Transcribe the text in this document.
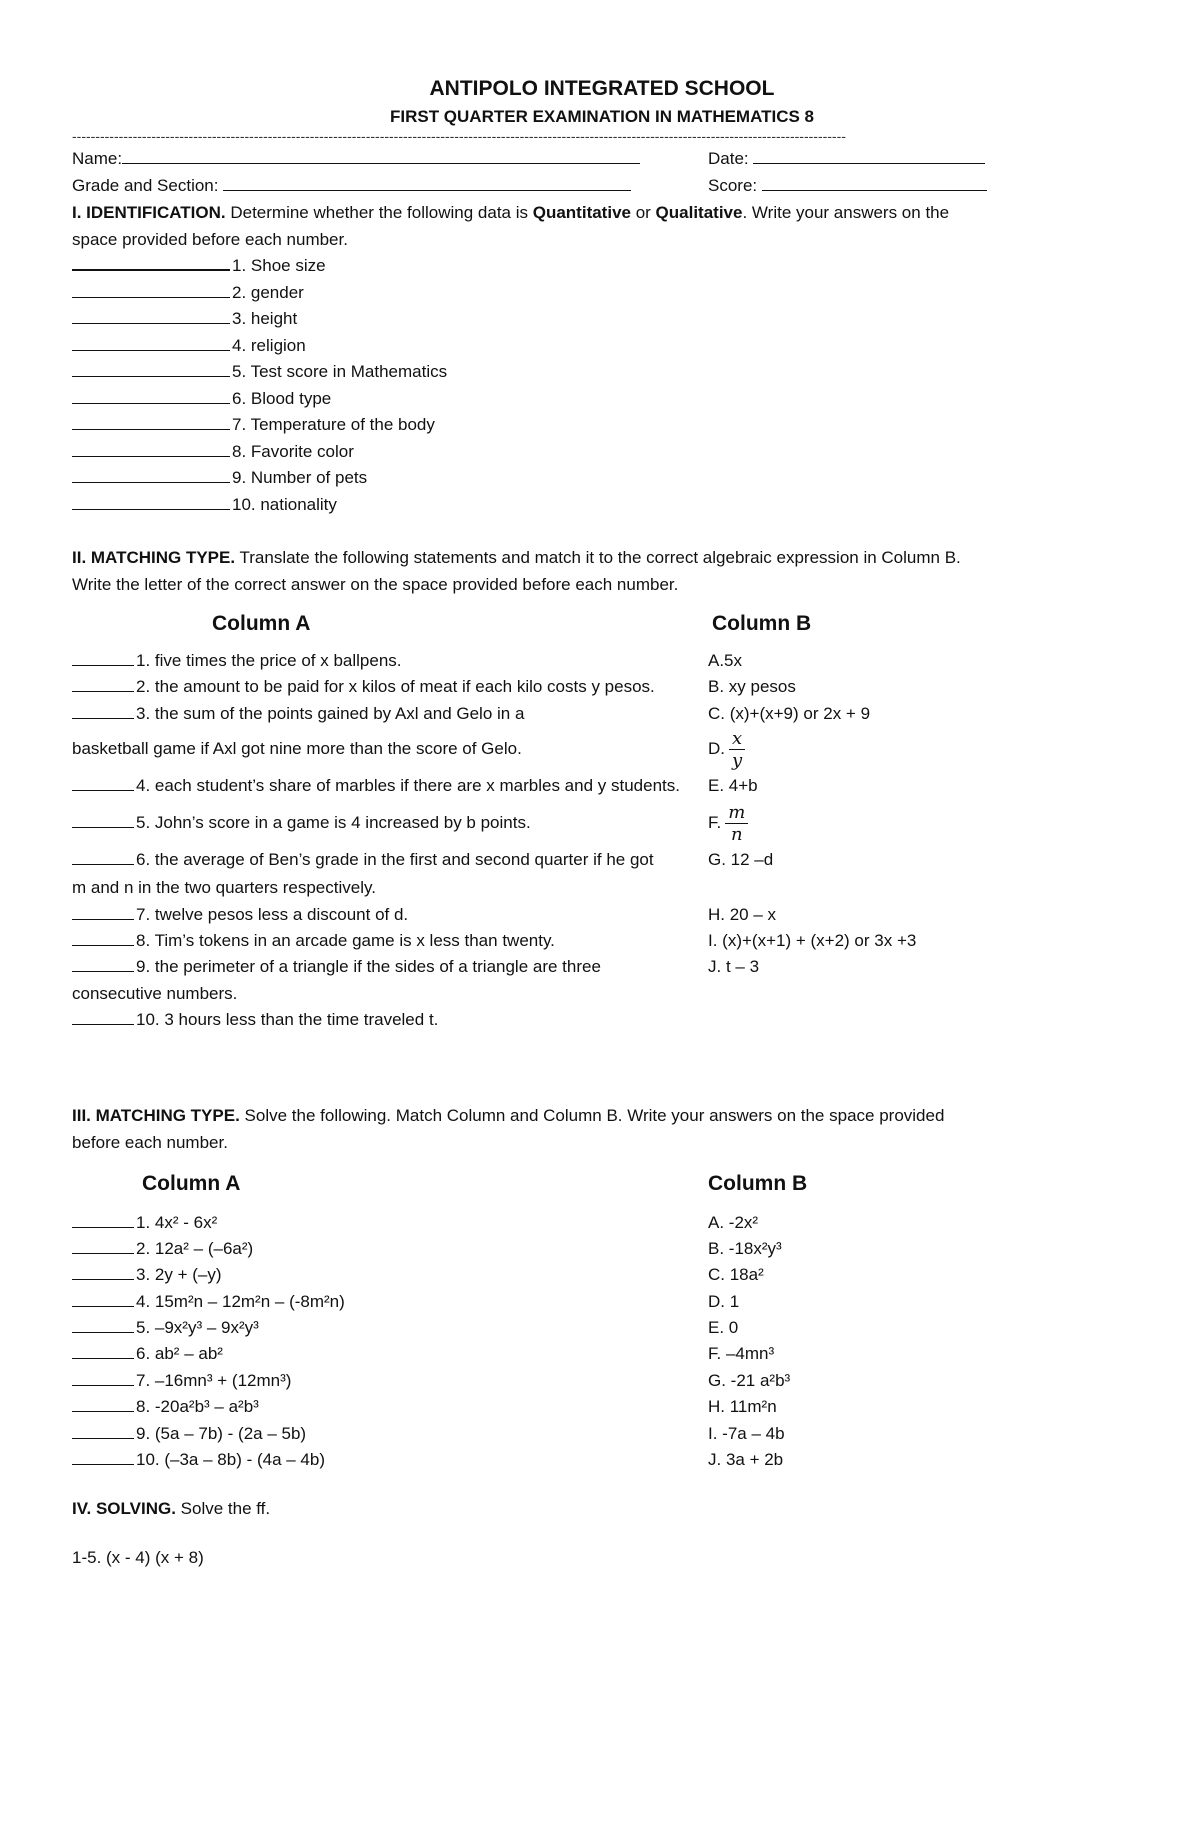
ANTIPOLO INTEGRATED SCHOOL
FIRST QUARTER EXAMINATION IN MATHEMATICS 8
----------------------------------------------------------------------------------------------------------------------------------------------------------------------
Name:	Date:
Grade and Section:	Score:
I. IDENTIFICATION. Determine whether the following data is Quantitative or Qualitative. Write your answers on the
space provided before each number.
1. Shoe size
2. gender
3. height
4. religion
5. Test score in Mathematics
6. Blood type
7. Temperature of the body
8. Favorite color
9. Number of pets
10. nationality
II. MATCHING TYPE. Translate the following statements and match it to the correct algebraic expression in Column B.
Write the letter of the correct answer on the space provided before each number.
Column A	Column B
1. five times the price of x ballpens.	A.5x
2. the amount to be paid for x kilos of meat if each kilo costs y pesos.	B. xy pesos
3. the sum of the points gained by Axl and Gelo in a	C. (x)+(x+9) or 2x + 9
basketball game if Axl got nine more than the score of Gelo.	D. $\frac{x}{y}$
4. each student’s share of marbles if there are x marbles and y students.	E. 4+b
5. John’s score in a game is 4 increased by b points.	F. $\frac{m}{n}$
6. the average of Ben’s grade in the first and second quarter if he got	G. 12 –d
m and n in the two quarters respectively.
7. twelve pesos less a discount of d.	H. 20 – x
8. Tim’s tokens in an arcade game is x less than twenty.	I. (x)+(x+1) + (x+2) or 3x +3
9. the perimeter of a triangle if the sides of a triangle are three	J. t – 3
consecutive numbers.
10. 3 hours less than the time traveled t.
III. MATCHING TYPE. Solve the following. Match Column and Column B. Write your answers on the space provided
before each number.
Column A	Column B
1. 4x² - 6x²	A. -2x²
2. 12a² – (–6a²)	B. -18x²y³
3. 2y + (–y)	C. 18a²
4. 15m²n – 12m²n – (-8m²n)	D. 1
5. –9x²y³ – 9x²y³	E. 0
6. ab² – ab²	F. –4mn³
7. –16mn³ + (12mn³)	G. -21 a²b³
8. -20a²b³ – a²b³	H. 11m²n
9. (5a – 7b) - (2a – 5b)	I. -7a – 4b
10. (–3a – 8b) - (4a – 4b)	J. 3a + 2b
IV. SOLVING. Solve the ff.
1-5. (x - 4) (x + 8)
